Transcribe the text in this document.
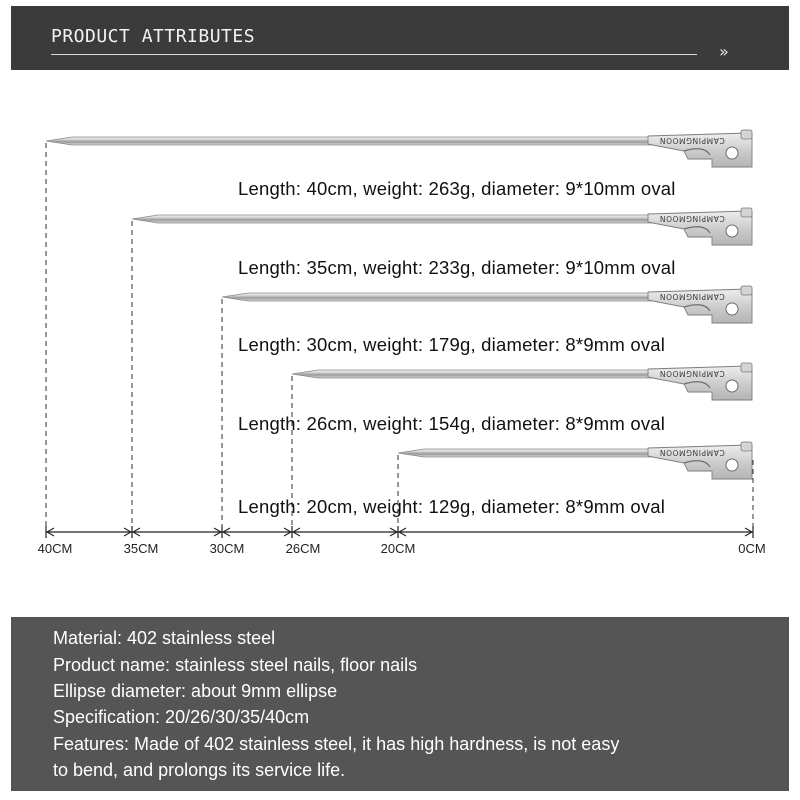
PRODUCT ATTRIBUTES
»
CAMPINGMOON
CAMPINGMOON
CAMPINGMOON
CAMPINGMOON
CAMPINGMOON
Length: 40cm, weight: 263g, diameter: 9*10mm oval
Length: 35cm, weight: 233g, diameter: 9*10mm oval
Length: 30cm, weight: 179g, diameter: 8*9mm oval
Length: 26cm, weight: 154g, diameter: 8*9mm oval
Length: 20cm, weight: 129g, diameter: 8*9mm oval
40CM	35CM	30CM	26CM	20CM	0CM
Material: 402 stainless steel
Product name: stainless steel nails, floor nails
Ellipse diameter: about 9mm ellipse
Specification: 20/26/30/35/40cm
Features: Made of 402 stainless steel, it has high hardness, is not easy
to bend, and prolongs its service life.
